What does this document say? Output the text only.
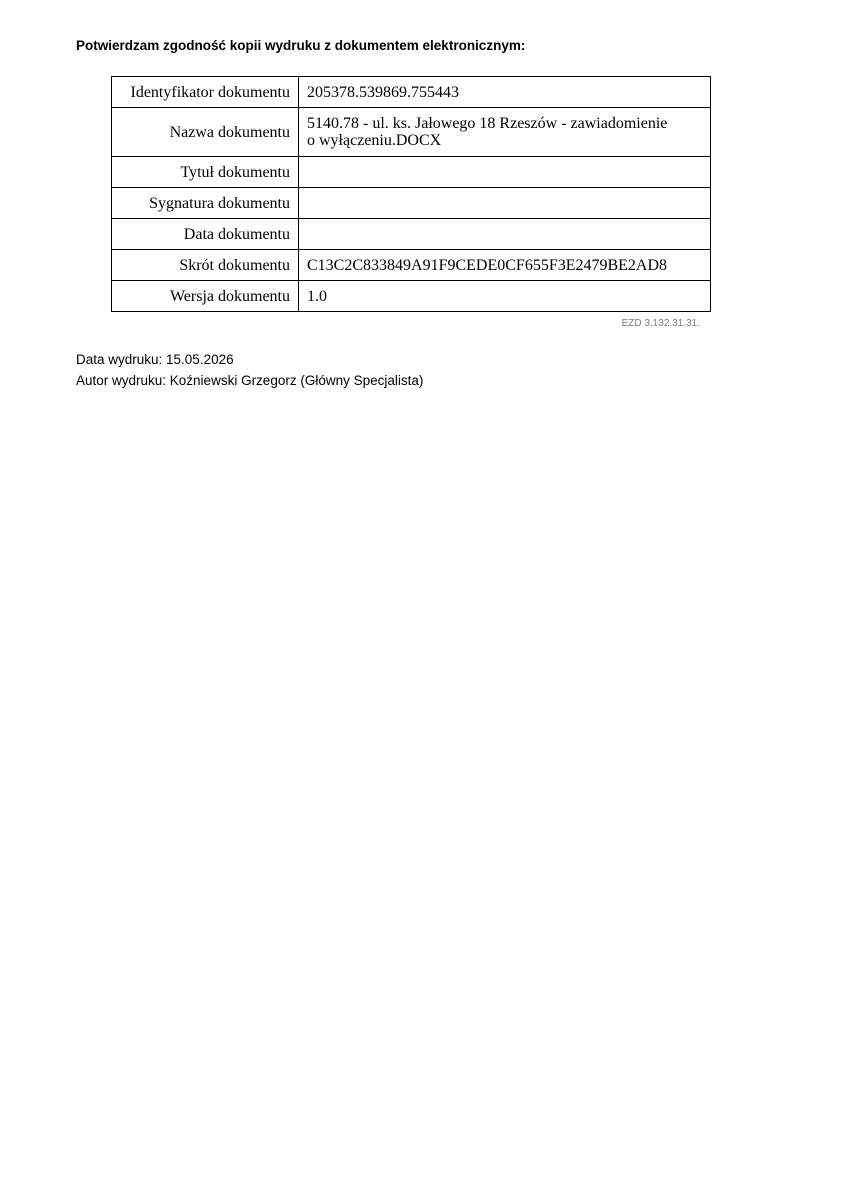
Potwierdzam zgodność kopii wydruku z dokumentem elektronicznym:
Identyfikator dokumentu	205378.539869.755443
Nazwa dokumentu	5140.78 - ul. ks. Jałowego 18 Rzeszów - zawiadomienie
o wyłączeniu.DOCX

Tytuł dokumentu	
Sygnatura dokumentu	
Data dokumentu	
Skrót dokumentu	C13C2C833849A91F9CEDE0CF655F3E2479BE2AD8
Wersja dokumentu	1.0
EZD 3.132.31.31.
Data wydruku: 15.05.2026
Autor wydruku: Koźniewski Grzegorz (Główny Specjalista)
